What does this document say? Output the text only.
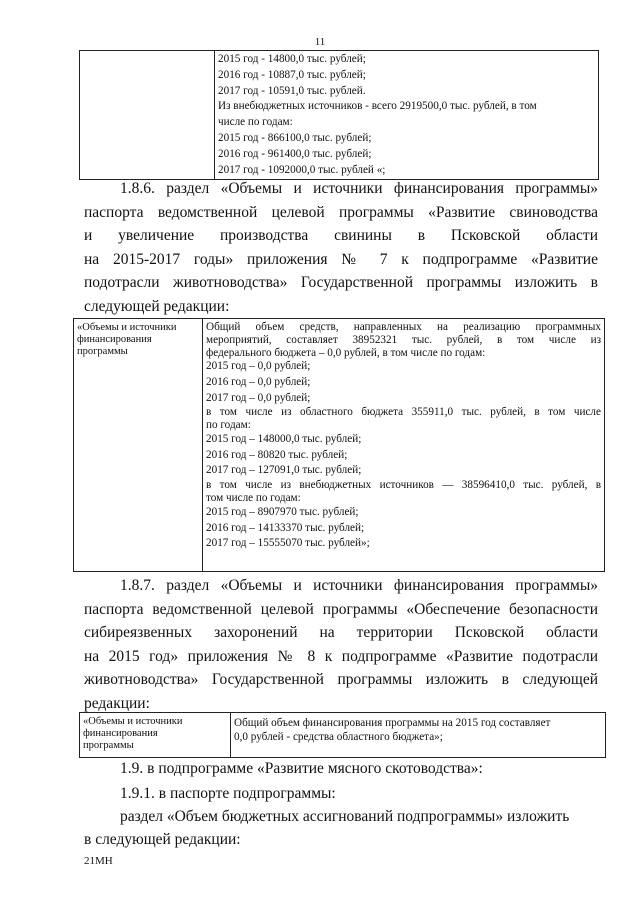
11

2015 год - 14800,0 тыс. рублей;
2016 год - 10887,0 тыс. рублей;
2017 год - 10591,0 тыс. рублей.
Из внебюджетных источников - всего 2919500,0 тыс. рублей, в том
числе по годам:
2015 год - 866100,0 тыс. рублей;
2016 год - 961400,0 тыс. рублей;
2017 год - 1092000,0 тыс. рублей «;
1.8.6. раздел «Объемы и источники финансирования программы»
паспорта ведомственной целевой программы «Развитие свиноводства
и увеличение производства свинины в Псковской области
на 2015-2017 годы» приложения № 7 к подпрограмме «Развитие
подотрасли животноводства» Государственной программы изложить в
следующей редакции:
«Объемы и источники
финансирования
программы

Общий объем средств, направленных на реализацию программных
мероприятий, составляет 38952321 тыс. рублей, в том числе из
федерального бюджета – 0,0 рублей, в том числе по годам:
2015 год – 0,0 рублей;
2016 год – 0,0 рублей;
2017 год – 0,0 рублей;
в том числе из областного бюджета 355911,0 тыс. рублей, в том числе
по годам:
2015 год – 148000,0 тыс. рублей;
2016 год – 80820 тыс. рублей;
2017 год – 127091,0 тыс. рублей;
в том числе из внебюджетных источников — 38596410,0 тыс. рублей, в
том числе по годам:
2015 год – 8907970 тыс. рублей;
2016 год – 14133370 тыс. рублей;
2017 год – 15555070 тыс. рублей»;
1.8.7. раздел «Объемы и источники финансирования программы»
паспорта ведомственной целевой программы «Обеспечение безопасности
сибиреязвенных захоронений на территории Псковской области
на 2015 год» приложения № 8 к подпрограмме «Развитие подотрасли
животноводства» Государственной программы изложить в следующей
редакции:
«Объемы и источники
финансирования
программы

Общий объем финансирования программы на 2015 год составляет
0,0 рублей - средства областного бюджета»;
1.9. в подпрограмме «Развитие мясного скотоводства»:
1.9.1. в паспорте подпрограммы:
раздел «Объем бюджетных ассигнований подпрограммы» изложить
в следующей редакции:
21МН
